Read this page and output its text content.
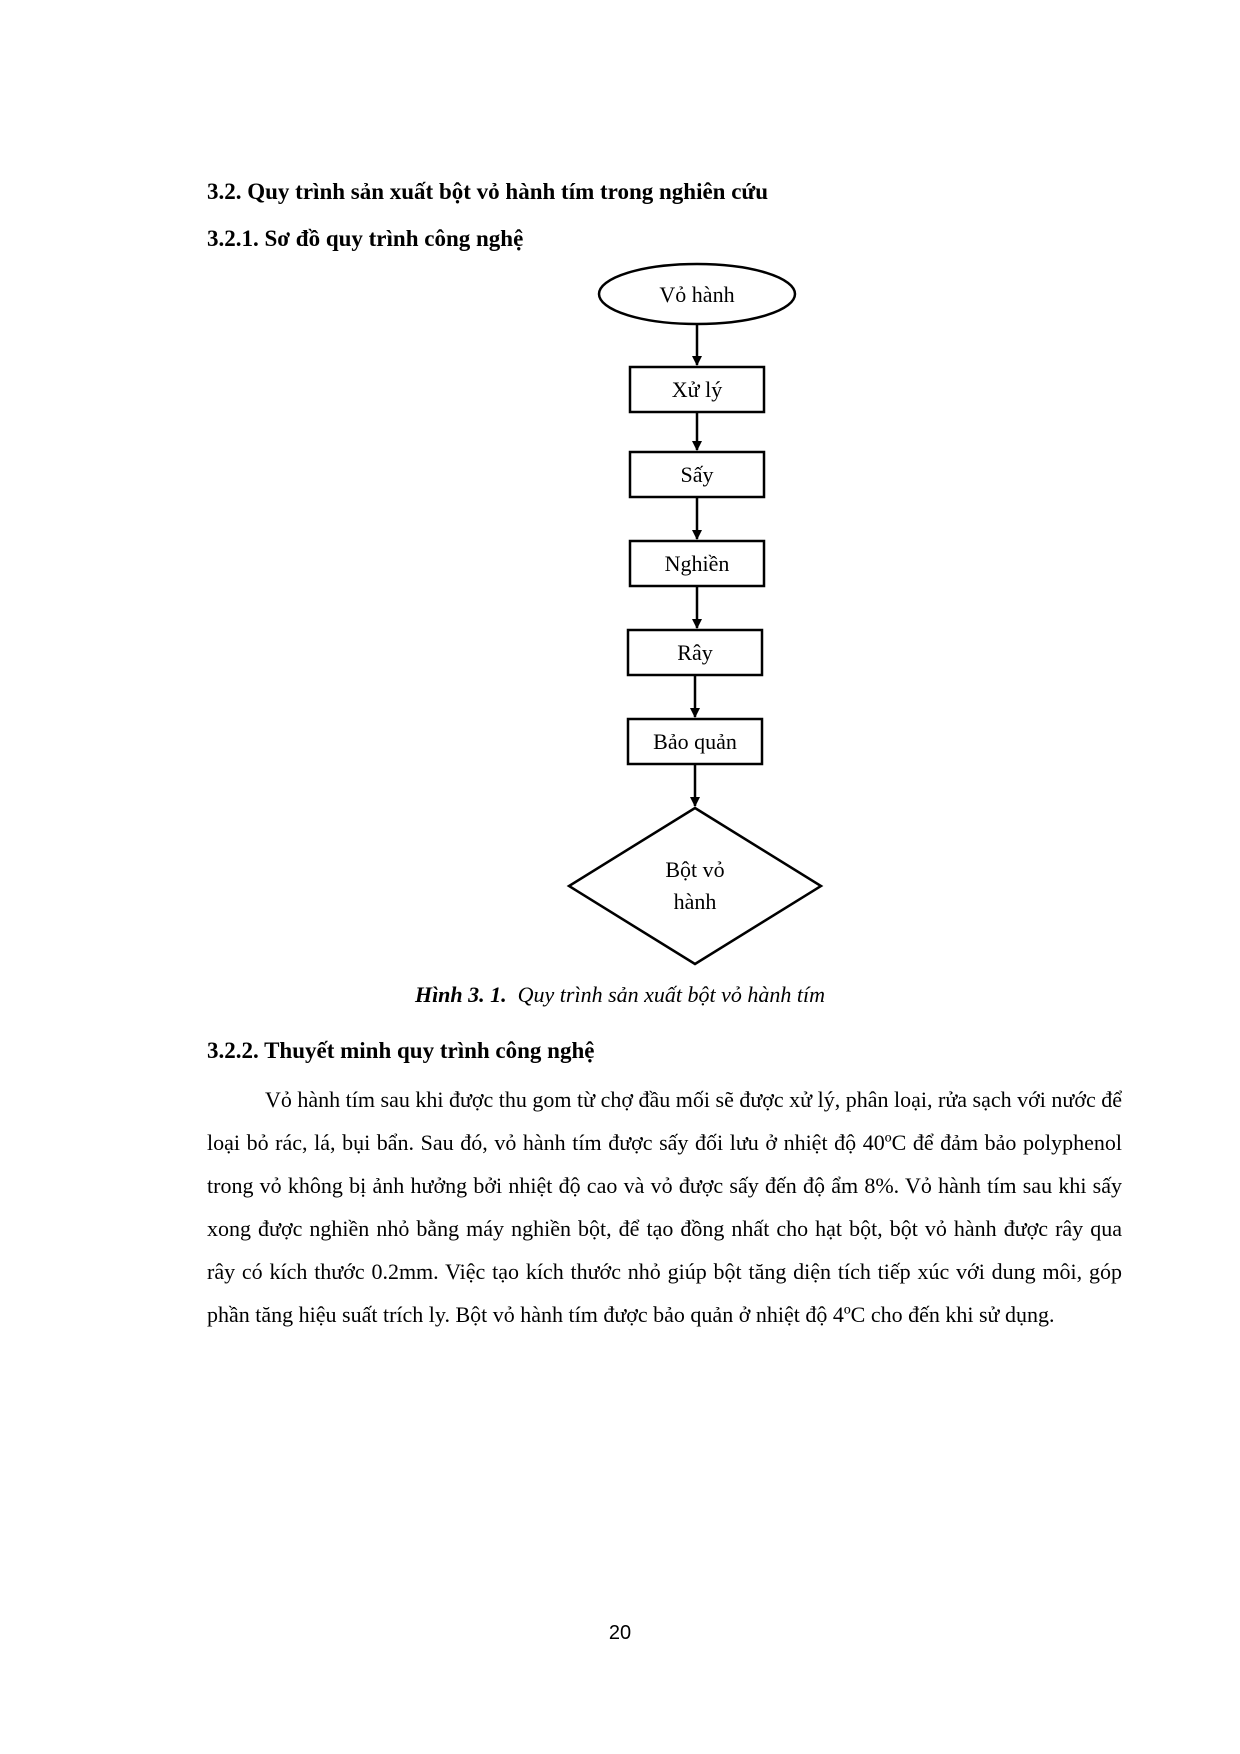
3.2. Quy trình sản xuất bột vỏ hành tím trong nghiên cứu
3.2.1. Sơ đồ quy trình công nghệ
Vỏ hành
Xử lý
Sấy
Nghiền
Rây
Bảo quản
Bột vỏ
hành
Hình 3. 1. Quy trình sản xuất bột vỏ hành tím
3.2.2. Thuyết minh quy trình công nghệ

Vỏ hành tím sau khi được thu gom từ chợ đầu mối sẽ được xử lý, phân loại, rửa sạch với nước để loại bỏ rác, lá, bụi bẩn. Sau đó, vỏ hành tím được sấy đối lưu ở nhiệt độ 40ºC để đảm bảo polyphenol trong vỏ không bị ảnh hưởng bởi nhiệt độ cao và vỏ được sấy đến độ ẩm 8%. Vỏ hành tím sau khi sấy xong được nghiền nhỏ bằng máy nghiền bột, để tạo đồng nhất cho hạt bột, bột vỏ hành được rây qua rây có kích thước 0.2mm. Việc tạo kích thước nhỏ giúp bột tăng diện tích tiếp xúc với dung môi, góp phần tăng hiệu suất trích ly. Bột vỏ hành tím được bảo quản ở nhiệt độ 4ºC cho đến khi sử dụng.

20
